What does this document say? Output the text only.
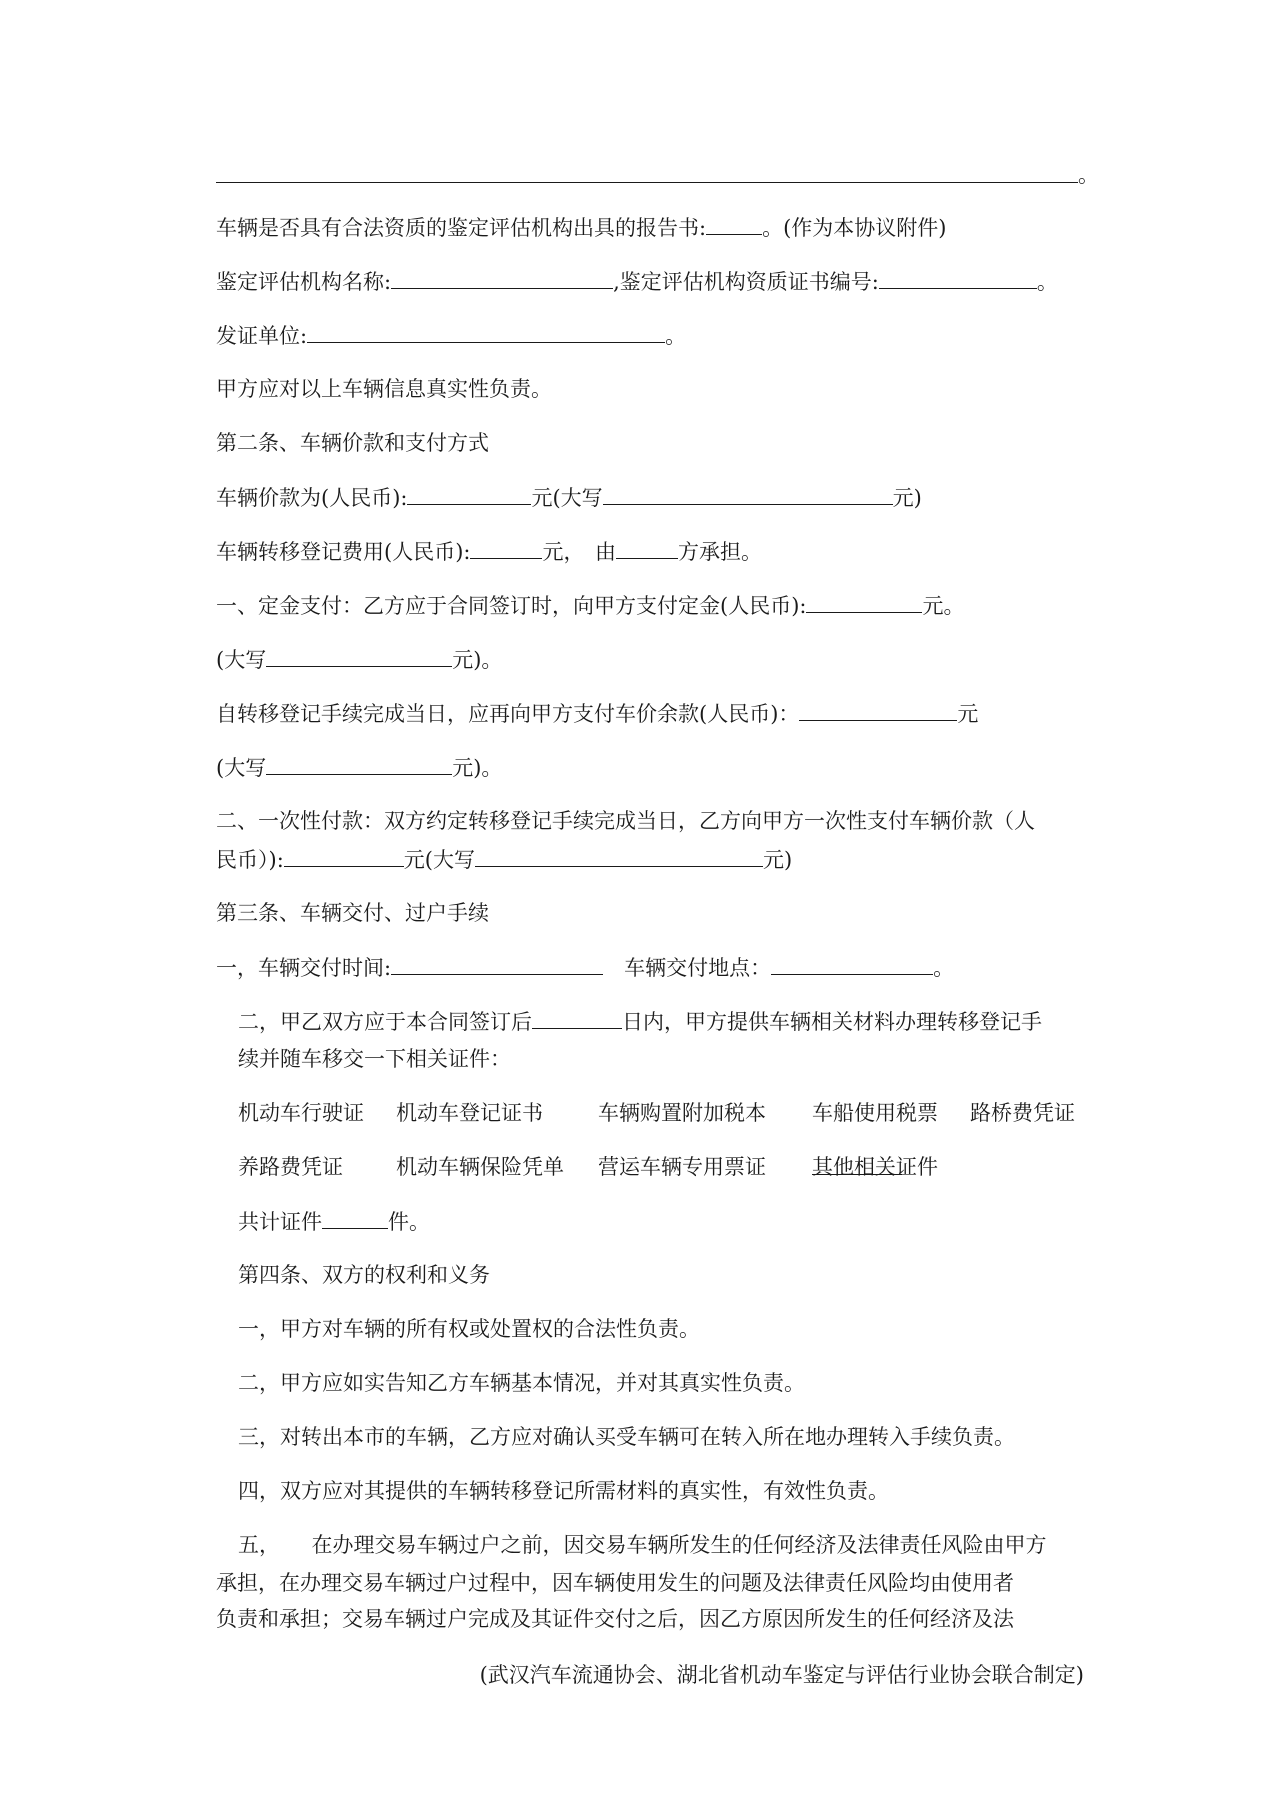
。
车辆是否具有合法资质的鉴定评估机构出具的报告书:	。(作为本协议附件)
鉴定评估机构名称:	,鉴定评估机构资质证书编号:	。
发证单位:	。
甲方应对以上车辆信息真实性负责。
第二条、车辆价款和支付方式
车辆价款为(人民币):	元(大写	元)
车辆转移登记费用(人民币):	元，　由	方承担。
一、定金支付：乙方应于合同签订时，向甲方支付定金(人民币):	元。
(大写	元)。
自转移登记手续完成当日，应再向甲方支付车价余款(人民币)：	元
(大写	元)。
二、一次性付款：双方约定转移登记手续完成当日，乙方向甲方一次性支付车辆价款（人
民币）):	元(大写	元)
第三条、车辆交付、过户手续
一，车辆交付时间:　	车辆交付地点：	。
二，甲乙双方应于本合同签订后	日内，甲方提供车辆相关材料办理转移登记手
续并随车移交一下相关证件：
机动车行驶证 机动车登记证书	车辆购置附加税本 车船使用税票 路桥费凭证
养路费凭证	机动车辆保险凭单 营运车辆专用票证 其他相关证件
共计证件	件。
第四条、双方的权利和义务
一，甲方对车辆的所有权或处置权的合法性负责。
二，甲方应如实告知乙方车辆基本情况，并对其真实性负责。
三，对转出本市的车辆，乙方应对确认买受车辆可在转入所在地办理转入手续负责。
四，双方应对其提供的车辆转移登记所需材料的真实性，有效性负责。
五，　　在办理交易车辆过户之前，因交易车辆所发生的任何经济及法律责任风险由甲方
承担，在办理交易车辆过户过程中，因车辆使用发生的问题及法律责任风险均由使用者
负责和承担；交易车辆过户完成及其证件交付之后，因乙方原因所发生的任何经济及法
(武汉汽车流通协会、湖北省机动车鉴定与评估行业协会联合制定)
